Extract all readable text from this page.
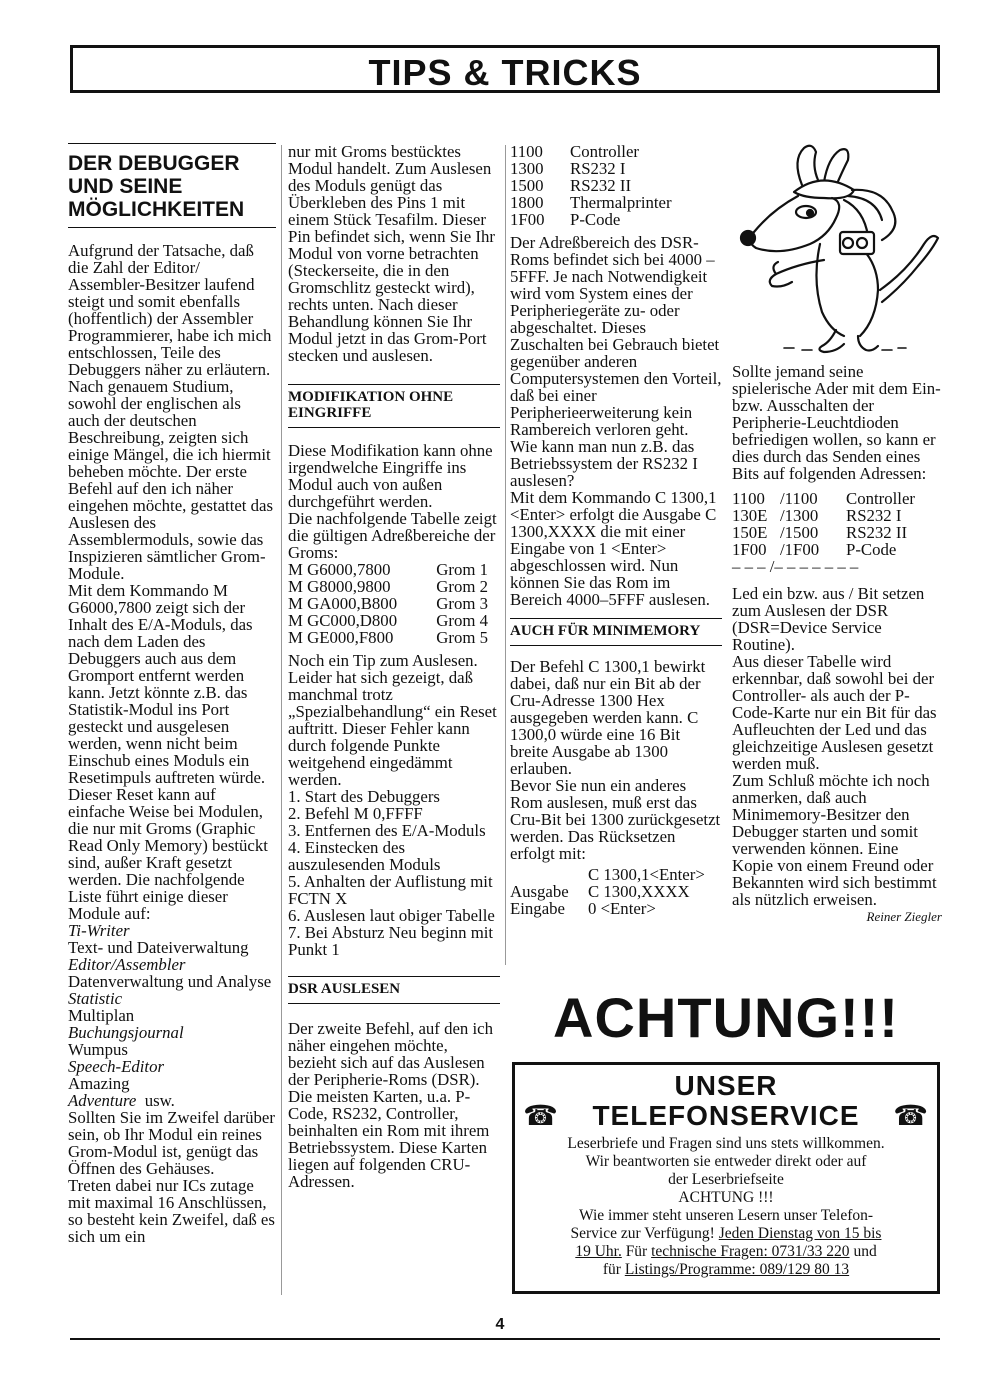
TIPS & TRICKS
DER DEBUGGER UND SEINE MÖGLICHKEITEN

Aufgrund der Tatsache, daß die Zahl der Editor/ Assembler-Besitzer laufend steigt und somit ebenfalls (hoffentlich) der Assembler Programmierer, habe ich mich entschlossen, Teile des Debuggers näher zu erläutern.

Nach genauem Studium, sowohl der englischen als auch der deutschen Beschreibung, zeigten sich einige Mängel, die ich hiermit beheben möchte. Der erste Befehl auf den ich näher eingehen möchte, gestattet das Auslesen des Assemblermoduls, sowie das Inspizieren sämtlicher Grom-Module.

Mit dem Kommando M G6000,7800 zeigt sich der Inhalt des E/A-Moduls, das nach dem Laden des Debuggers auch aus dem Gromport entfernt werden kann. Jetzt könnte z.B. das Statistik-Modul ins Port gesteckt und ausgelesen werden, wenn nicht beim Einschub eines Moduls ein Resetimpuls auftreten würde.

Dieser Reset kann auf einfache Weise bei Modulen, die nur mit Groms (Graphic Read Only Memory) bestückt sind, außer Kraft gesetzt werden. Die nachfolgende Liste führt einige dieser Module auf:

Ti-Writer
Text- und Dateiverwaltung
Editor/Assembler
Datenverwaltung und Analyse
Statistic
Multiplan
Buchungsjournal
Wumpus
Speech-Editor
Amazing
Adventure usw.

Sollten Sie im Zweifel darüber sein, ob Ihr Modul ein reines Grom-Modul ist, genügt das Öffnen des Gehäuses.

Treten dabei nur ICs zutage mit maximal 16 Anschlüssen, so besteht kein Zweifel, daß es sich um ein

nur mit Groms bestücktes Modul handelt. Zum Auslesen des Moduls genügt das Überkleben des Pins 1 mit einem Stück Tesafilm. Dieser Pin befindet sich, wenn Sie Ihr Modul von vorne betrachten (Steckerseite, die in den Gromschlitz gesteckt wird), rechts unten. Nach dieser Behandlung können Sie Ihr Modul jetzt in das Grom-Port stecken und auslesen.

MODIFIKATION OHNE EINGRIFFE

Diese Modifikation kann ohne irgendwelche Eingriffe ins Modul auch von außen durchgeführt werden.

Die nachfolgende Tabelle zeigt die gültigen Adreßbereiche der Groms:

M G6000,7800	Grom 1
M G8000,9800	Grom 2
M GA000,B800	Grom 3
M GC000,D800	Grom 4
M GE000,F800	Grom 5

Noch ein Tip zum Auslesen.

Leider hat sich gezeigt, daß manchmal trotz „Spezialbehandlung“ ein Reset auftritt. Dieser Fehler kann durch folgende Punkte weitgehend eingedämmt werden.

1. Start des Debuggers
2. Befehl M 0,FFFF
3. Entfernen des E/A-Moduls
4. Einstecken des auszulesenden Moduls
5. Anhalten der Auflistung mit FCTN X
6. Auslesen laut obiger Tabelle
7. Bei Absturz Neu beginn mit Punkt 1
DSR AUSLESEN

Der zweite Befehl, auf den ich näher eingehen möchte, bezieht sich auf das Auslesen der Peripherie-Roms (DSR).

Die meisten Karten, u.a. P-Code, RS232, Controller, beinhalten ein Rom mit ihrem Betriebssystem. Diese Karten liegen auf folgenden CRU-Adressen.

1100	Controller
1300	RS232 I
1500	RS232 II
1800	Thermalprinter
1F00	P-Code

Der Adreßbereich des DSR-Roms befindet sich bei 4000 – 5FFF. Je nach Notwendigkeit wird vom System eines der Peripheriegeräte zu- oder abgeschaltet. Dieses Zuschalten bei Gebrauch bietet gegenüber anderen Computersystemen den Vorteil, daß bei einer Peripherieerweiterung kein Rambereich verloren geht.

Wie kann man nun z.B. das Betriebssystem der RS232 I auslesen?

Mit dem Kommando C 1300,1 <Enter> erfolgt die Ausgabe C 1300,XXXX die mit einer Eingabe von 1 <Enter> abgeschlossen wird. Nun können Sie das Rom im Bereich 4000–5FFF auslesen.

AUCH FÜR MINIMEMORY

Der Befehl C 1300,1 bewirkt dabei, daß nur ein Bit ab der Cru-Adresse 1300 Hex ausgegeben werden kann. C 1300,0 würde eine 16 Bit breite Ausgabe ab 1300 erlauben.

Bevor Sie nun ein anderes Rom auslesen, muß erst das Cru-Bit bei 1300 zurückgesetzt werden. Das Rücksetzen erfolgt mit:

	C 1300,1<Enter>
Ausgabe	C 1300,XXXX
Eingabe	0 <Enter>

Sollte jemand seine spielerische Ader mit dem Ein- bzw. Ausschalten der Peripherie-Leuchtdioden befriedigen wollen, so kann er dies durch das Senden eines Bits auf folgenden Adressen:

1100	/1100	Controller
130E	/1300	RS232 I
150E	/1500	RS232 II
1F00	/1F00	P-Code
– – – /– – – – – – –

Led ein bzw. aus / Bit setzen zum Auslesen der DSR (DSR=Device Service Routine).

Aus dieser Tabelle wird erkennbar, daß sowohl bei der Controller- als auch der P-Code-Karte nur ein Bit für das Aufleuchten der Led und das gleichzeitige Auslesen gesetzt werden muß.

Zum Schluß möchte ich noch anmerken, daß auch Minimemory-Besitzer den Debugger starten und somit verwenden können. Eine Kopie von einem Freund oder Bekannten wird sich bestimmt als nützlich erweisen.

Reiner Ziegler
ACHTUNG!!!
UNSER
☎ TELEFONSERVICE ☎
Leserbriefe und Fragen sind uns stets willkommen.
Wir beantworten sie entweder direkt oder auf
der Leserbriefseite
ACHTUNG !!!
Wie immer steht unseren Lesern unser Telefon-
Service zur Verfügung! Jeden Dienstag von 15 bis
19 Uhr. Für technische Fragen: 0731/33 220 und
für Listings/Programme: 089/129 80 13
4
